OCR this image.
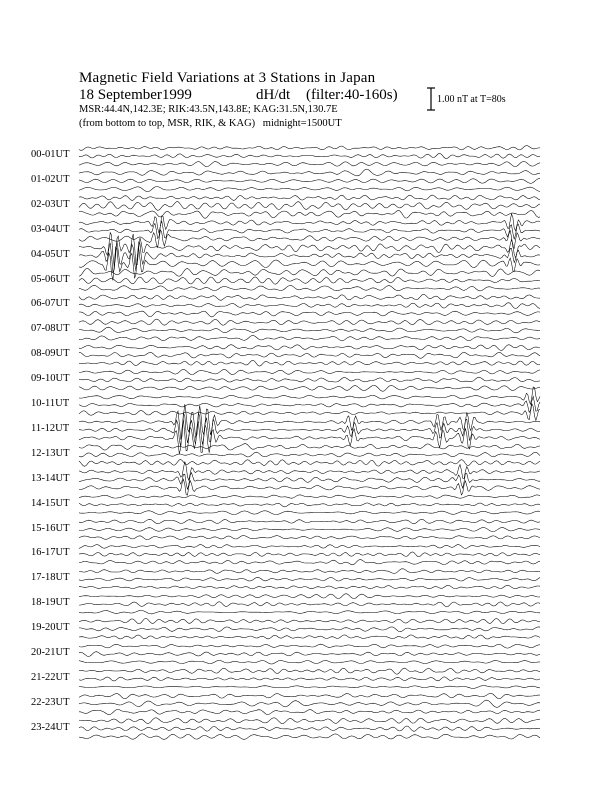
Magnetic Field Variations at 3 Stations in Japan
18 September1999	dH/dt (filter:40-160s)
MSR:44.4N,142.3E; RIK:43.5N,143.8E; KAG:31.5N,130.7E
(from bottom to top, MSR, RIK, & KAG) midnight=1500UT
1.00 nT at T=80s
00-01UT
01-02UT
02-03UT
03-04UT
04-05UT
05-06UT
06-07UT
07-08UT
08-09UT
09-10UT
10-11UT
11-12UT
12-13UT
13-14UT
14-15UT
15-16UT
16-17UT
17-18UT
18-19UT
19-20UT
20-21UT
21-22UT
22-23UT
23-24UT
